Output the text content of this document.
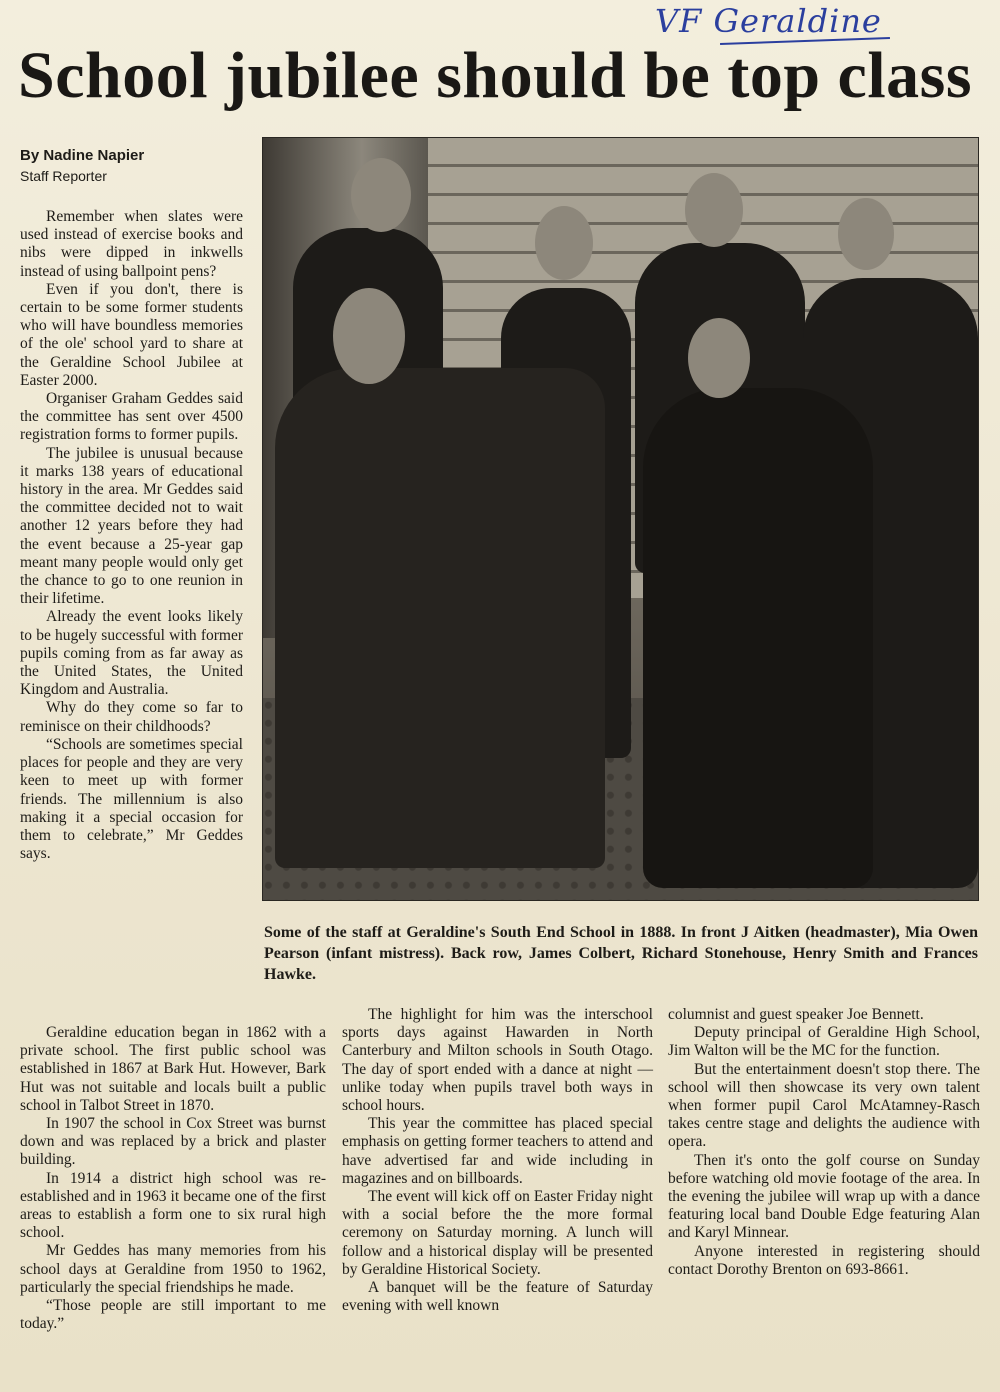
VF Geraldine
School jubilee should be top class
By Nadine Napier
Staff Reporter

Remember when slates were used instead of exercise books and nibs were dipped in inkwells instead of using ballpoint pens?

Even if you don't, there is certain to be some former students who will have boundless memories of the ole' school yard to share at the Geraldine School Jubilee at Easter 2000.

Organiser Graham Geddes said the committee has sent over 4500 registration forms to former pupils.

The jubilee is unusual because it marks 138 years of educational history in the area. Mr Geddes said the committee decided not to wait another 12 years before they had the event because a 25-year gap meant many people would only get the chance to go to one reunion in their lifetime.

Already the event looks likely to be hugely successful with former pupils coming from as far away as the United States, the United Kingdom and Australia.

Why do they come so far to reminisce on their childhoods?

“Schools are sometimes special places for people and they are very keen to meet up with former friends. The millennium is also making it a special occasion for them to celebrate,” Mr Geddes says.

Geraldine education began in 1862 with a private school. The first public school was established in 1867 at Bark Hut. However, Bark Hut was not suitable and locals built a public school in Talbot Street in 1870.

In 1907 the school in Cox Street was burnst down and was replaced by a brick and plaster building.

In 1914 a district high school was re-established and in 1963 it became one of the first areas to establish a form one to six rural high school.

Mr Geddes has many memories from his school days at Geraldine from 1950 to 1962, particularly the special friendships he made.

“Those people are still important to me today.”

Some of the staff at Geraldine's South End School in 1888. In front J Aitken (headmaster), Mia Owen Pearson (infant mistress). Back row, James Colbert, Richard Stonehouse, Henry Smith and Frances Hawke.

The highlight for him was the interschool sports days against Hawarden in North Canterbury and Milton schools in South Otago. The day of sport ended with a dance at night — unlike today when pupils travel both ways in school hours.

This year the committee has placed special emphasis on getting former teachers to attend and have advertised far and wide including in magazines and on billboards.

The event will kick off on Easter Friday night with a social before the the more formal ceremony on Saturday morning. A lunch will follow and a historical display will be presented by Geraldine Historical Society.

A banquet will be the feature of Saturday evening with well known

columnist and guest speaker Joe Bennett.

Deputy principal of Geraldine High School, Jim Walton will be the MC for the function.

But the entertainment doesn't stop there. The school will then showcase its very own talent when former pupil Carol McAtamney-Rasch takes centre stage and delights the audience with opera.

Then it's onto the golf course on Sunday before watching old movie footage of the area. In the evening the jubilee will wrap up with a dance featuring local band Double Edge featuring Alan and Karyl Minnear.

Anyone interested in registering should contact Dorothy Brenton on 693-8661.
